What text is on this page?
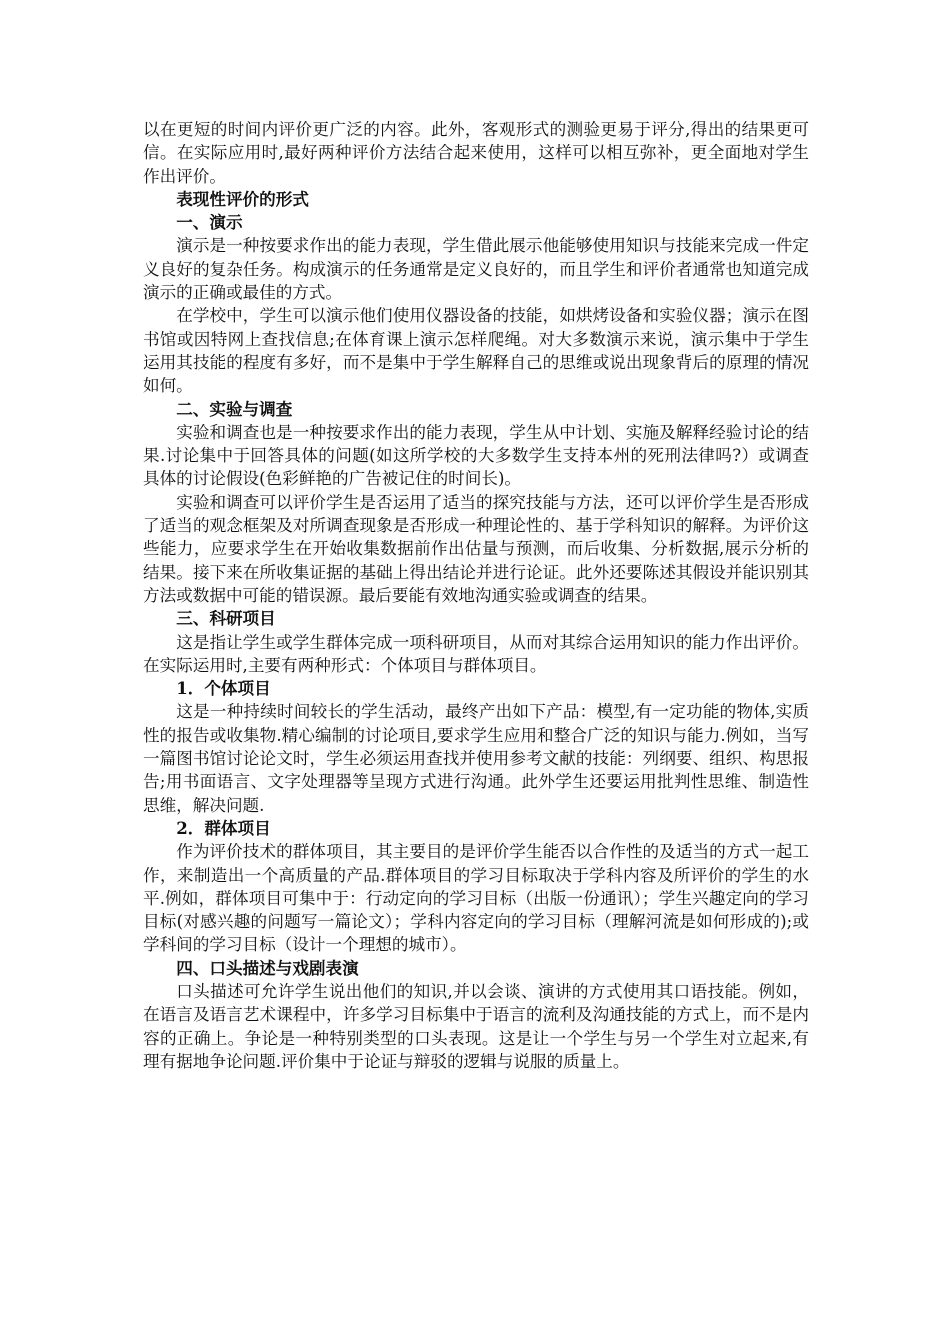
以在更短的时间内评价更广泛的内容。此外，客观形式的测验更易于评分,得出的结果更可信。在实际应用时,最好两种评价方法结合起来使用，这样可以相互弥补，更全面地对学生作出评价。

表现性评价的形式

一、演示

演示是一种按要求作出的能力表现，学生借此展示他能够使用知识与技能来完成一件定义良好的复杂任务。构成演示的任务通常是定义良好的，而且学生和评价者通常也知道完成演示的正确或最佳的方式。

在学校中，学生可以演示他们使用仪器设备的技能，如烘烤设备和实验仪器；演示在图书馆或因特网上查找信息;在体育课上演示怎样爬绳。对大多数演示来说，演示集中于学生运用其技能的程度有多好，而不是集中于学生解释自己的思维或说出现象背后的原理的情况如何。

二、实验与调查

实验和调查也是一种按要求作出的能力表现，学生从中计划、实施及解释经验讨论的结果.讨论集中于回答具体的问题(如这所学校的大多数学生支持本州的死刑法律吗?）或调查具体的讨论假设(色彩鲜艳的广告被记住的时间长)。

实验和调查可以评价学生是否运用了适当的探究技能与方法，还可以评价学生是否形成了适当的观念框架及对所调查现象是否形成一种理论性的、基于学科知识的解释。为评价这些能力，应要求学生在开始收集数据前作出估量与预测，而后收集、分析数据,展示分析的结果。接下来在所收集证据的基础上得出结论并进行论证。此外还要陈述其假设并能识别其方法或数据中可能的错误源。最后要能有效地沟通实验或调查的结果。

三、科研项目

这是指让学生或学生群体完成一项科研项目，从而对其综合运用知识的能力作出评价。在实际运用时,主要有两种形式：个体项目与群体项目。

1．个体项目

这是一种持续时间较长的学生活动，最终产出如下产品：模型,有一定功能的物体,实质性的报告或收集物.精心编制的讨论项目,要求学生应用和整合广泛的知识与能力.例如，当写一篇图书馆讨论论文时，学生必须运用查找并使用参考文献的技能：列纲要、组织、构思报告;用书面语言、文字处理器等呈现方式进行沟通。此外学生还要运用批判性思维、制造性思维，解决问题.

2．群体项目

作为评价技术的群体项目，其主要目的是评价学生能否以合作性的及适当的方式一起工作，来制造出一个高质量的产品.群体项目的学习目标取决于学科内容及所评价的学生的水平.例如，群体项目可集中于：行动定向的学习目标（出版一份通讯）；学生兴趣定向的学习目标(对感兴趣的问题写一篇论文）；学科内容定向的学习目标（理解河流是如何形成的);或学科间的学习目标（设计一个理想的城市）。

四、口头描述与戏剧表演

口头描述可允许学生说出他们的知识,并以会谈、演讲的方式使用其口语技能。例如，在语言及语言艺术课程中，许多学习目标集中于语言的流利及沟通技能的方式上，而不是内容的正确上。争论是一种特别类型的口头表现。这是让一个学生与另一个学生对立起来,有理有据地争论问题.评价集中于论证与辩驳的逻辑与说服的质量上。
